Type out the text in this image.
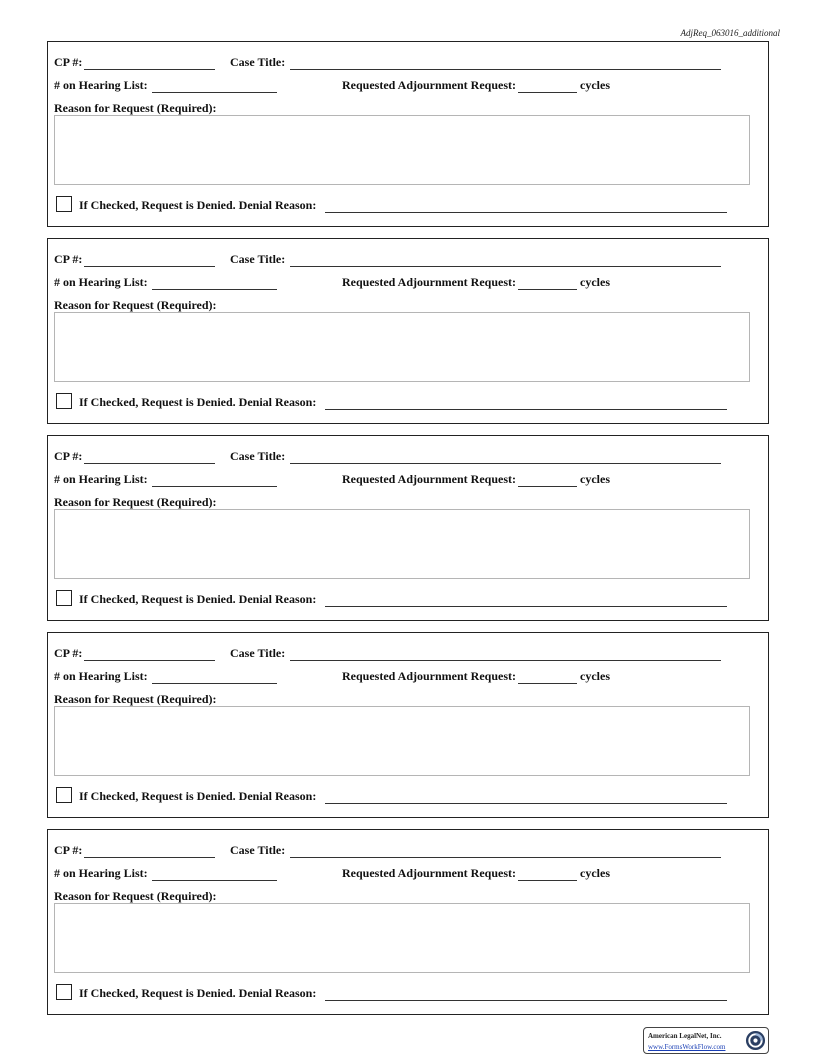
AdjReq_063016_additional
CP #:	Case Title:
# on Hearing List:	Requested Adjournment Request:	cycles
Reason for Request (Required):
If Checked, Request is Denied. Denial Reason:
CP #:	Case Title:
# on Hearing List:	Requested Adjournment Request:	cycles
Reason for Request (Required):
If Checked, Request is Denied. Denial Reason:
CP #:	Case Title:
# on Hearing List:	Requested Adjournment Request:	cycles
Reason for Request (Required):
If Checked, Request is Denied. Denial Reason:
CP #:	Case Title:
# on Hearing List:	Requested Adjournment Request:	cycles
Reason for Request (Required):
If Checked, Request is Denied. Denial Reason:
CP #:	Case Title:
# on Hearing List:	Requested Adjournment Request:	cycles
Reason for Request (Required):
If Checked, Request is Denied. Denial Reason:
American LegalNet, Inc.
www.FormsWorkFlow.com
